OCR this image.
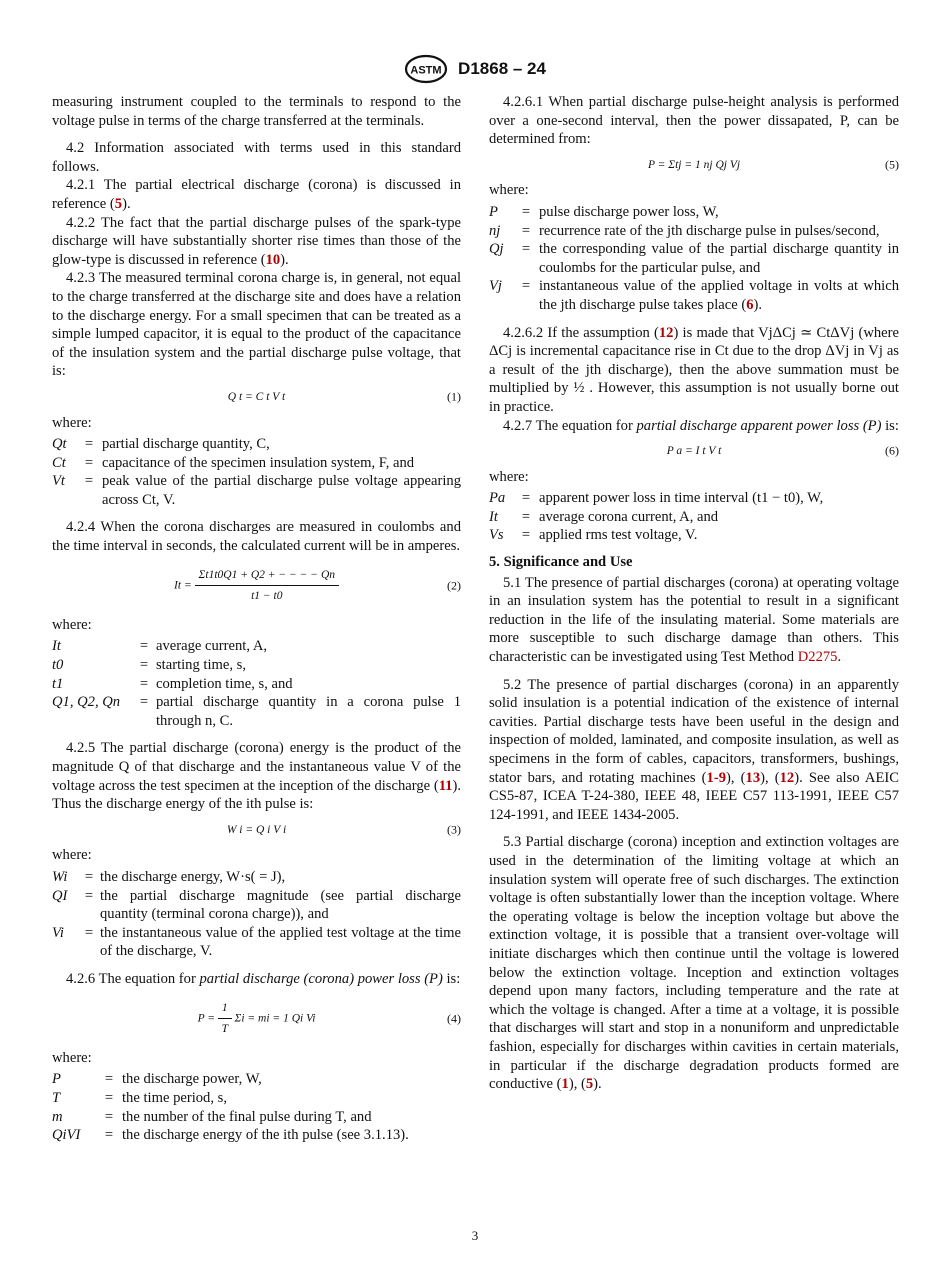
ASTM D1868 – 24

measuring instrument coupled to the terminals to respond to the voltage pulse in terms of the charge transferred at the terminals.

4.2 Information associated with terms used in this standard follows.

4.2.1 The partial electrical discharge (corona) is discussed in reference (5).

4.2.2 The fact that the partial discharge pulses of the spark-type discharge will have substantially shorter rise times than those of the glow-type is discussed in reference (10).

4.2.3 The measured terminal corona charge is, in general, not equal to the charge transferred at the discharge site and does have a relation to the discharge energy. For a small specimen that can be treated as a simple lumped capacitor, it is equal to the product of the capacitance of the insulation system and the partial discharge pulse voltage, that is:

Q t = C t V t	(1)

where:

Qt	= partial discharge quantity, C,
Ct	= capacitance of the specimen insulation system, F, and
Vt	= peak value of the partial discharge pulse voltage appearing across Ct, V.

4.2.4 When the corona discharges are measured in coulombs and the time interval in seconds, the calculated current will be in amperes.

$It = \frac{\Sigma t1t0Q1 + Q2 + - - - - Qn}{t1 - t0}$	(2)

where:

It	= average current, A,
t0	= starting time, s,
t1	= completion time, s, and
Q1, Q2, Qn	= partial discharge quantity in a corona pulse 1 through n, C.

4.2.5 The partial discharge (corona) energy is the product of the magnitude Q of that discharge and the instantaneous value V of the voltage across the test specimen at the inception of the discharge (11). Thus the discharge energy of the ith pulse is:

W i = Q i V i	(3)

where:

Wi	= the discharge energy, W·s( = J),
QI	= the partial discharge magnitude (see partial discharge quantity (terminal corona charge)), and
Vi	= the instantaneous value of the applied test voltage at the time of the discharge, V.

4.2.6 The equation for partial discharge (corona) power loss (P) is:

$P = \frac{1}{T}$ Σi = mi = 1 Qi Vi	(4)

where:

P	= the discharge power, W,
T	= the time period, s,
m	= the number of the final pulse during T, and
QiVI	= the discharge energy of the ith pulse (see 3.1.13).

4.2.6.1 When partial discharge pulse-height analysis is performed over a one-second interval, then the power dissapated, P, can be determined from:

P = Σtj = 1 nj Qj Vj	(5)

where:

P	= pulse discharge power loss, W,
nj	= recurrence rate of the jth discharge pulse in pulses/second,
Qj	= the corresponding value of the partial discharge quantity in coulombs for the particular pulse, and
Vj	= instantaneous value of the applied voltage in volts at which the jth discharge pulse takes place (6).

4.2.6.2 If the assumption (12) is made that VjΔCj ≃ CtΔVj (where ΔCj is incremental capacitance rise in Ct due to the drop ΔVj in Vj as a result of the jth discharge), then the above summation must be multiplied by ½ . However, this assumption is not usually borne out in practice.

4.2.7 The equation for partial discharge apparent power loss (P) is:

P a = I t V t	(6)

where:

Pa	= apparent power loss in time interval (t1 − t0), W,
It	= average corona current, A, and
Vs	= applied rms test voltage, V.

5. Significance and Use

5.1 The presence of partial discharges (corona) at operating voltage in an insulation system has the potential to result in a significant reduction in the life of the insulating material. Some materials are more susceptible to such discharge damage than others. This characteristic can be investigated using Test Method D2275.

5.2 The presence of partial discharges (corona) in an apparently solid insulation is a potential indication of the existence of internal cavities. Partial discharge tests have been useful in the design and inspection of molded, laminated, and composite insulation, as well as specimens in the form of cables, capacitors, transformers, bushings, stator bars, and rotating machines (1-9), (13), (12). See also AEIC CS5-87, ICEA T-24-380, IEEE 48, IEEE C57 113-1991, IEEE C57 124-1991, and IEEE 1434-2005.

5.3 Partial discharge (corona) inception and extinction voltages are used in the determination of the limiting voltage at which an insulation system will operate free of such discharges. The extinction voltage is often substantially lower than the inception voltage. Where the operating voltage is below the inception voltage but above the extinction voltage, it is possible that a transient over-voltage will initiate discharges which then continue until the voltage is lowered below the extinction voltage. Inception and extinction voltages depend upon many factors, including temperature and the rate at which the voltage is changed. After a time at a voltage, it is possible that discharges will start and stop in a nonuniform and unpredictable fashion, especially for discharges within cavities in certain materials, in particular if the discharge degradation products formed are conductive (1), (5).

3
